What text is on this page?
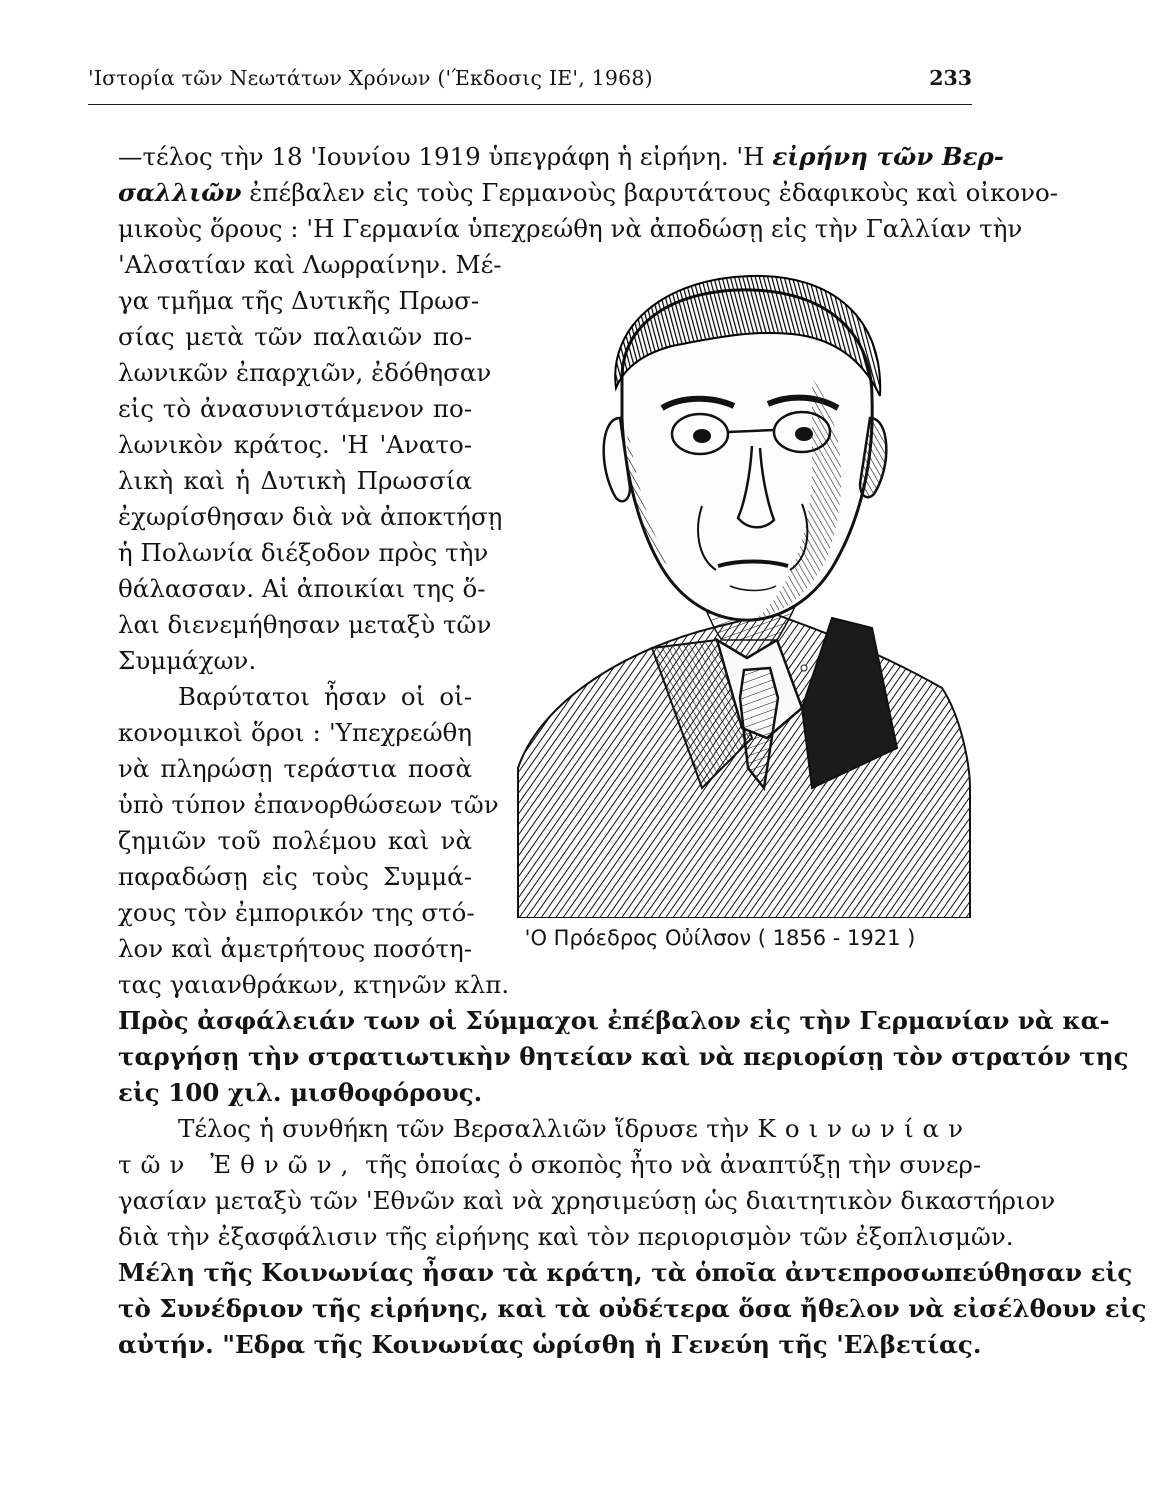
'Ιστορία τῶν Νεωτάτων Χρόνων ('Έκδοσις ΙΕ', 1968)	233
—τέλος τὴν 18 'Ιουνίου 1919 ὑπεγράφη ἡ εἰρήνη. 'Η εἰρήνη τῶν Βερ-
σαλλιῶν ἐπέβαλεν εἰς τοὺς Γερμανοὺς βαρυτάτους ἐδαφικοὺς καὶ οἰκονο-
μικοὺς ὅρους : 'Η Γερμανία ὑπεχρεώθη νὰ ἀποδώσῃ εἰς τὴν Γαλλίαν τὴν
'Αλσατίαν καὶ Λωρραίνην. Μέ-
γα τμῆμα τῆς Δυτικῆς Πρωσ-
σίας μετὰ τῶν παλαιῶν πο-
λωνικῶν ἐπαρχιῶν, ἐδόθησαν
εἰς τὸ ἀνασυνιστάμενον πο-
λωνικὸν κράτος. 'Η 'Ανατο-
λικὴ καὶ ἡ Δυτικὴ Πρωσσία
ἐχωρίσθησαν διὰ νὰ ἀποκτήσῃ
ἡ Πολωνία διέξοδον πρὸς τὴν
θάλασσαν. Αἱ ἀποικίαι της ὅ-
λαι διενεμήθησαν μεταξὺ τῶν
Συμμάχων.
Βαρύτατοι ἦσαν οἱ οἰ-
κονομικοὶ ὅροι : 'Υπεχρεώθη
νὰ πληρώσῃ τεράστια ποσὰ
ὑπὸ τύπον ἐπανορθώσεων τῶν
ζημιῶν τοῦ πολέμου καὶ νὰ
παραδώσῃ εἰς τοὺς Συμμά-
χους τὸν ἐμπορικόν της στό-
λον καὶ ἀμετρήτους ποσότη-
τας γαιανθράκων, κτηνῶν κλπ.
Πρὸς ἀσφάλειάν των οἱ Σύμμαχοι ἐπέβαλον εἰς τὴν Γερμανίαν νὰ κα-
ταργήσῃ τὴν στρατιωτικὴν θητείαν καὶ νὰ περιορίσῃ τὸν στρατόν της
εἰς 100 χιλ. μισθοφόρους.
Τέλος ἡ συνθήκη τῶν Βερσαλλιῶν ἵδρυσε τὴν Κοινωνίαν
τῶν Ἐθνῶν, τῆς ὁποίας ὁ σκοπὸς ἦτο νὰ ἀναπτύξῃ τὴν συνερ-
γασίαν μεταξὺ τῶν 'Εθνῶν καὶ νὰ χρησιμεύσῃ ὡς διαιτητικὸν δικαστήριον
διὰ τὴν ἐξασφάλισιν τῆς εἰρήνης καὶ τὸν περιορισμὸν τῶν ἐξοπλισμῶν.
Μέλη τῆς Κοινωνίας ἦσαν τὰ κράτη, τὰ ὁποῖα ἀντεπροσωπεύθησαν εἰς
τὸ Συνέδριον τῆς εἰρήνης, καὶ τὰ οὐδέτερα ὅσα ἤθελον νὰ εἰσέλθουν εἰς
αὐτήν. "Εδρα τῆς Κοινωνίας ὡρίσθη ἡ Γενεύη τῆς 'Ελβετίας.
'Ο Πρόεδρος Οὐίλσον ( 1856 - 1921 )
